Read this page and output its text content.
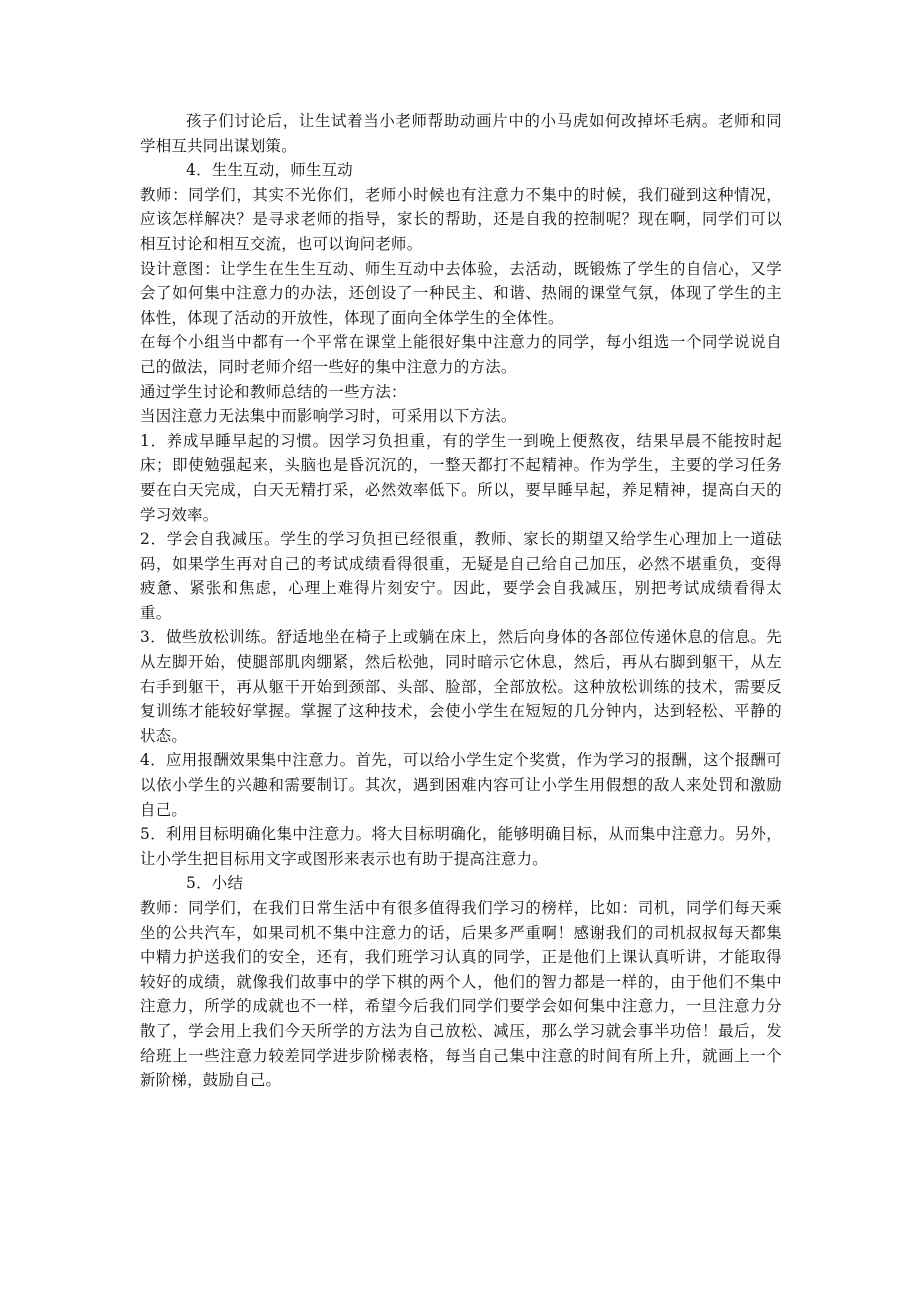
孩子们讨论后，让生试着当小老师帮助动画片中的小马虎如何改掉坏毛病。老师和同学相互共同出谋划策。

4．生生互动，师生互动

教师：同学们，其实不光你们，老师小时候也有注意力不集中的时候，我们碰到这种情况，应该怎样解决？是寻求老师的指导，家长的帮助，还是自我的控制呢？现在啊，同学们可以相互讨论和相互交流，也可以询问老师。

设计意图：让学生在生生互动、师生互动中去体验，去活动，既锻炼了学生的自信心，又学会了如何集中注意力的办法，还创设了一种民主、和谐、热闹的课堂气氛，体现了学生的主体性，体现了活动的开放性，体现了面向全体学生的全体性。

在每个小组当中都有一个平常在课堂上能很好集中注意力的同学，每小组选一个同学说说自己的做法，同时老师介绍一些好的集中注意力的方法。

通过学生讨论和教师总结的一些方法：

当因注意力无法集中而影响学习时，可采用以下方法。

1．养成早睡早起的习惯。因学习负担重，有的学生一到晚上便熬夜，结果早晨不能按时起床；即使勉强起来，头脑也是昏沉沉的，一整天都打不起精神。作为学生，主要的学习任务要在白天完成，白天无精打采，必然效率低下。所以，要早睡早起，养足精神，提高白天的学习效率。

2．学会自我减压。学生的学习负担已经很重，教师、家长的期望又给学生心理加上一道砝码，如果学生再对自己的考试成绩看得很重，无疑是自己给自己加压，必然不堪重负，变得疲惫、紧张和焦虑，心理上难得片刻安宁。因此，要学会自我减压，别把考试成绩看得太重。

3．做些放松训练。舒适地坐在椅子上或躺在床上，然后向身体的各部位传递休息的信息。先从左脚开始，使腿部肌肉绷紧，然后松弛，同时暗示它休息，然后，再从右脚到躯干，从左右手到躯干，再从躯干开始到颈部、头部、脸部，全部放松。这种放松训练的技术，需要反复训练才能较好掌握。掌握了这种技术，会使小学生在短短的几分钟内，达到轻松、平静的状态。

4．应用报酬效果集中注意力。首先，可以给小学生定个奖赏，作为学习的报酬，这个报酬可以依小学生的兴趣和需要制订。其次，遇到困难内容可让小学生用假想的敌人来处罚和激励自己。

5．利用目标明确化集中注意力。将大目标明确化，能够明确目标，从而集中注意力。另外，让小学生把目标用文字或图形来表示也有助于提高注意力。

5．小结

教师：同学们，在我们日常生活中有很多值得我们学习的榜样，比如：司机，同学们每天乘坐的公共汽车，如果司机不集中注意力的话，后果多严重啊！感谢我们的司机叔叔每天都集中精力护送我们的安全，还有，我们班学习认真的同学，正是他们上课认真听讲，才能取得较好的成绩，就像我们故事中的学下棋的两个人，他们的智力都是一样的，由于他们不集中注意力，所学的成就也不一样，希望今后我们同学们要学会如何集中注意力，一旦注意力分散了，学会用上我们今天所学的方法为自己放松、减压，那么学习就会事半功倍！最后，发给班上一些注意力较差同学进步阶梯表格，每当自己集中注意的时间有所上升，就画上一个新阶梯，鼓励自己。
